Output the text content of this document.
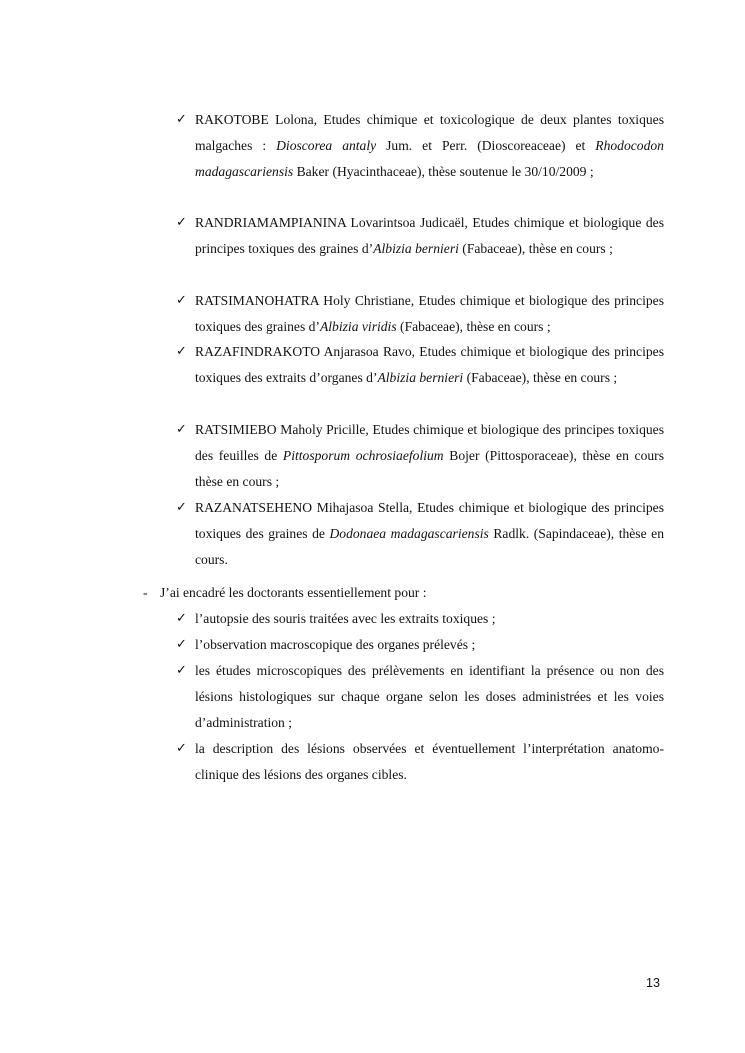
✓ RAKOTOBE Lolona, Etudes chimique et toxicologique de deux plantes toxiques malgaches : Dioscorea antaly Jum. et Perr. (Dioscoreaceae) et Rhodocodon madagascariensis Baker (Hyacinthaceae), thèse soutenue le 30/10/2009 ;
✓ RANDRIAMAMPIANINA Lovarintsoa Judicaël, Etudes chimique et biologique des principes toxiques des graines d’Albizia bernieri (Fabaceae), thèse en cours ;
✓ RATSIMANOHATRA Holy Christiane, Etudes chimique et biologique des principes toxiques des graines d’Albizia viridis (Fabaceae), thèse en cours ;
✓ RAZAFINDRAKOTO Anjarasoa Ravo, Etudes chimique et biologique des principes toxiques des extraits d’organes d’Albizia bernieri (Fabaceae), thèse en cours ;
✓ RATSIMIEBO Maholy Pricille, Etudes chimique et biologique des principes toxiques des feuilles de Pittosporum ochrosiaefolium Bojer (Pittosporaceae), thèse en cours thèse en cours ;
✓ RAZANATSEHENO Mihajasoa Stella, Etudes chimique et biologique des principes toxiques des graines de Dodonaea madagascariensis Radlk. (Sapindaceae), thèse en cours.
- J’ai encadré les doctorants essentiellement pour :
✓ l’autopsie des souris traitées avec les extraits toxiques ;
✓ l’observation macroscopique des organes prélevés ;
✓ les études microscopiques des prélèvements en identifiant la présence ou non des lésions histologiques sur chaque organe selon les doses administrées et les voies d’administration ;
✓ la description des lésions observées et éventuellement l’interprétation anatomo-clinique des lésions des organes cibles.
13
